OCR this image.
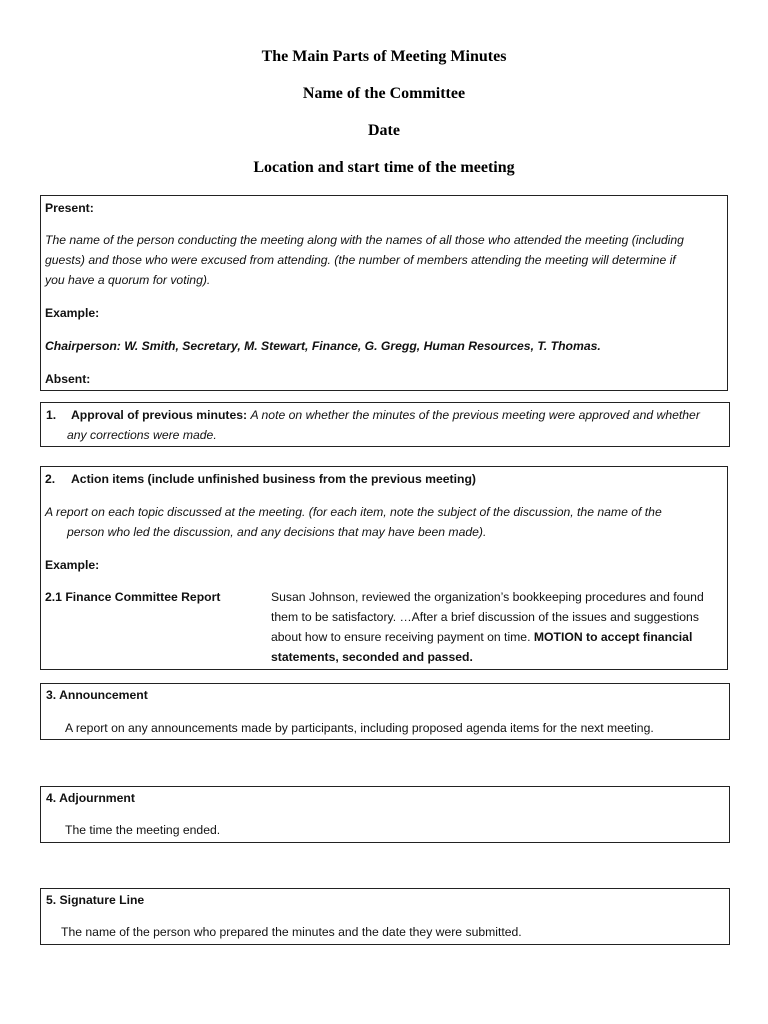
The Main Parts of Meeting Minutes
Name of the Committee
Date
Location and start time of the meeting
Present:
The name of the person conducting the meeting along with the names of all those who attended the meeting (including
guests) and those who were excused from attending. (the number of members attending the meeting will determine if
you have a quorum for voting).
Example:
Chairperson: W. Smith, Secretary, M. Stewart, Finance, G. Gregg, Human Resources, T. Thomas.
Absent:
1. Approval of previous minutes: A note on whether the minutes of the previous meeting were approved and whether
any corrections were made.
2. Action items (include unfinished business from the previous meeting)
A report on each topic discussed at the meeting. (for each item, note the subject of the discussion, the name of the
person who led the discussion, and any decisions that may have been made).
Example:
2.1 Finance Committee Report	Susan Johnson, reviewed the organization’s bookkeeping procedures and found
them to be satisfactory. …After a brief discussion of the issues and suggestions
about how to ensure receiving payment on time. MOTION to accept financial
statements, seconded and passed.
3. Announcement
A report on any announcements made by participants, including proposed agenda items for the next meeting.
4. Adjournment
The time the meeting ended.
5. Signature Line
The name of the person who prepared the minutes and the date they were submitted.
